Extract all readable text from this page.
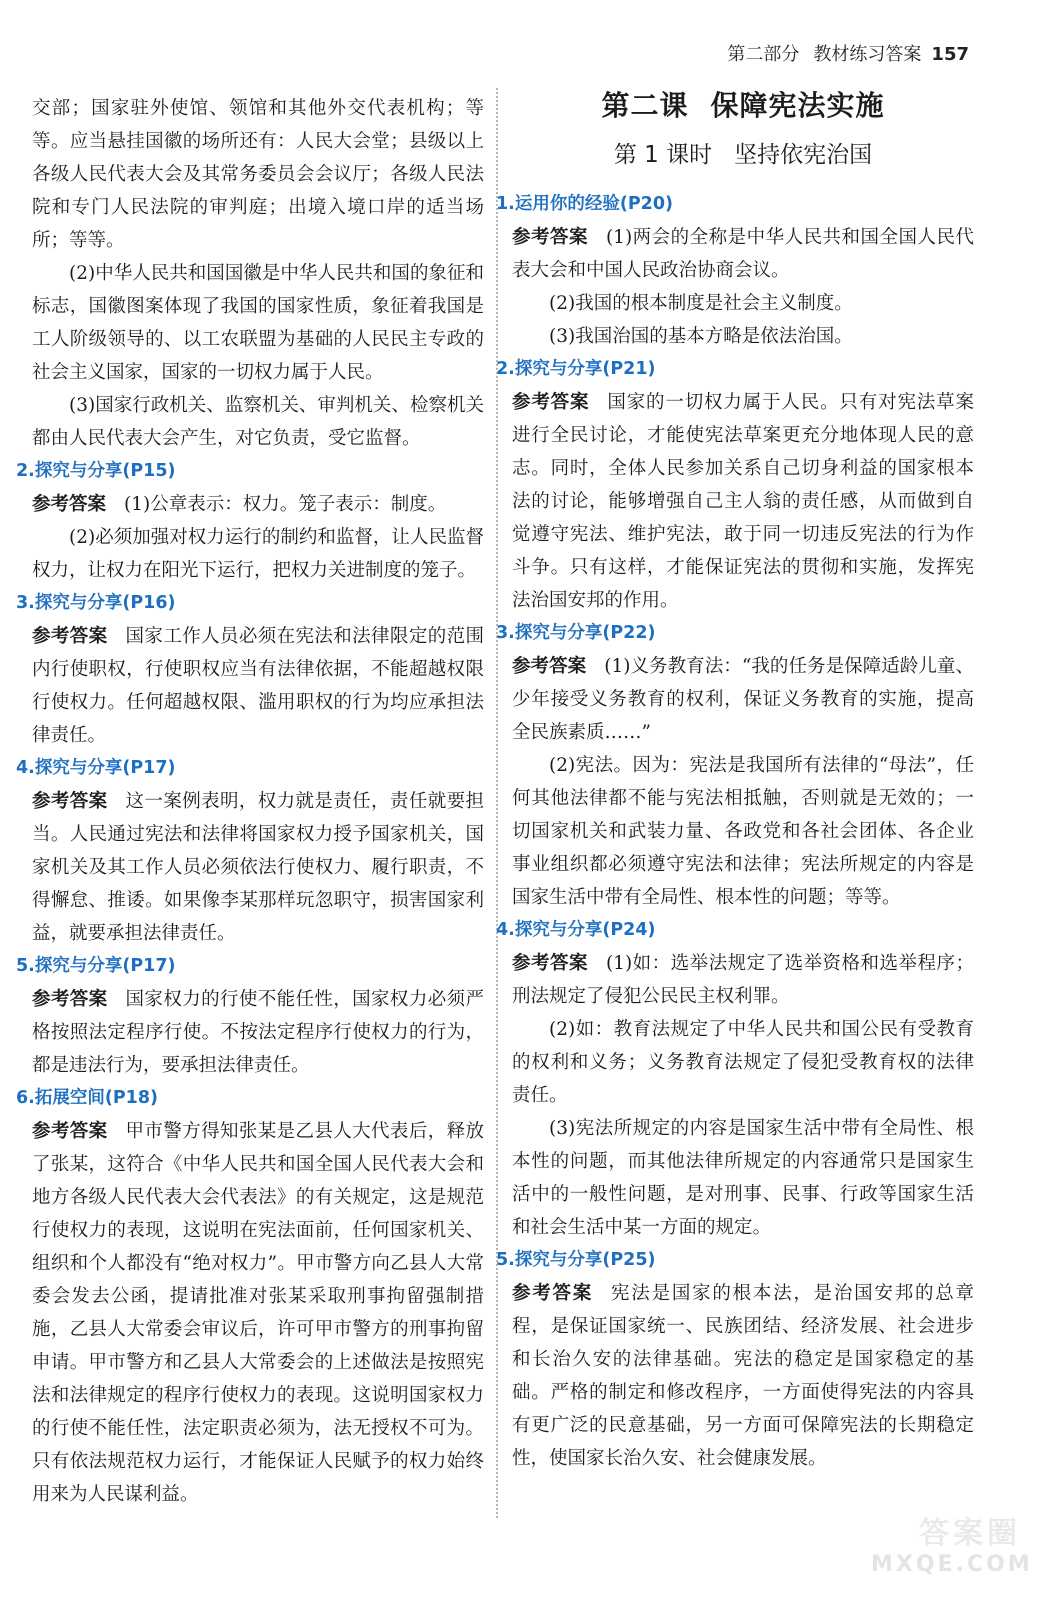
第二部分 教材练习答案 157

交部；国家驻外使馆、领馆和其他外交代表机构；等等。应当悬挂国徽的场所还有：人民大会堂；县级以上各级人民代表大会及其常务委员会会议厅；各级人民法院和专门人民法院的审判庭；出境入境口岸的适当场所；等等。

(2)中华人民共和国国徽是中华人民共和国的象征和标志，国徽图案体现了我国的国家性质，象征着我国是工人阶级领导的、以工农联盟为基础的人民民主专政的社会主义国家，国家的一切权力属于人民。

(3)国家行政机关、监察机关、审判机关、检察机关都由人民代表大会产生，对它负责，受它监督。

2.探究与分享(P15)

参考答案 (1)公章表示：权力。笼子表示：制度。

(2)必须加强对权力运行的制约和监督，让人民监督权力，让权力在阳光下运行，把权力关进制度的笼子。

3.探究与分享(P16)

参考答案 国家工作人员必须在宪法和法律限定的范围内行使职权，行使职权应当有法律依据，不能超越权限行使权力。任何超越权限、滥用职权的行为均应承担法律责任。

4.探究与分享(P17)

参考答案 这一案例表明，权力就是责任，责任就要担当。人民通过宪法和法律将国家权力授予国家机关，国家机关及其工作人员必须依法行使权力、履行职责，不得懈怠、推诿。如果像李某那样玩忽职守，损害国家利益，就要承担法律责任。

5.探究与分享(P17)

参考答案 国家权力的行使不能任性，国家权力必须严格按照法定程序行使。不按法定程序行使权力的行为，都是违法行为，要承担法律责任。

6.拓展空间(P18)

参考答案 甲市警方得知张某是乙县人大代表后，释放了张某，这符合《中华人民共和国全国人民代表大会和地方各级人民代表大会代表法》的有关规定，这是规范行使权力的表现，这说明在宪法面前，任何国家机关、组织和个人都没有“绝对权力”。甲市警方向乙县人大常委会发去公函，提请批准对张某采取刑事拘留强制措施，乙县人大常委会审议后，许可甲市警方的刑事拘留申请。甲市警方和乙县人大常委会的上述做法是按照宪法和法律规定的程序行使权力的表现。这说明国家权力的行使不能任性，法定职责必须为，法无授权不可为。只有依法规范权力运行，才能保证人民赋予的权力始终用来为人民谋利益。

第二课 保障宪法实施
第 1 课时 坚持依宪治国
1.运用你的经验(P20)

参考答案 (1)两会的全称是中华人民共和国全国人民代表大会和中国人民政治协商会议。

(2)我国的根本制度是社会主义制度。

(3)我国治国的基本方略是依法治国。

2.探究与分享(P21)

参考答案 国家的一切权力属于人民。只有对宪法草案进行全民讨论，才能使宪法草案更充分地体现人民的意志。同时，全体人民参加关系自己切身利益的国家根本法的讨论，能够增强自己主人翁的责任感，从而做到自觉遵守宪法、维护宪法，敢于同一切违反宪法的行为作斗争。只有这样，才能保证宪法的贯彻和实施，发挥宪法治国安邦的作用。

3.探究与分享(P22)

参考答案 (1)义务教育法：“我的任务是保障适龄儿童、少年接受义务教育的权利，保证义务教育的实施，提高全民族素质……”

(2)宪法。因为：宪法是我国所有法律的“母法”，任何其他法律都不能与宪法相抵触，否则就是无效的；一切国家机关和武装力量、各政党和各社会团体、各企业事业组织都必须遵守宪法和法律；宪法所规定的内容是国家生活中带有全局性、根本性的问题；等等。

4.探究与分享(P24)

参考答案 (1)如：选举法规定了选举资格和选举程序；刑法规定了侵犯公民民主权利罪。

(2)如：教育法规定了中华人民共和国公民有受教育的权利和义务；义务教育法规定了侵犯受教育权的法律责任。

(3)宪法所规定的内容是国家生活中带有全局性、根本性的问题，而其他法律所规定的内容通常只是国家生活中的一般性问题，是对刑事、民事、行政等国家生活和社会生活中某一方面的规定。

5.探究与分享(P25)

参考答案 宪法是国家的根本法，是治国安邦的总章程，是保证国家统一、民族团结、经济发展、社会进步和长治久安的法律基础。宪法的稳定是国家稳定的基础。严格的制定和修改程序，一方面使得宪法的内容具有更广泛的民意基础，另一方面可保障宪法的长期稳定性，使国家长治久安、社会健康发展。

答案圈
MXQE.COM
